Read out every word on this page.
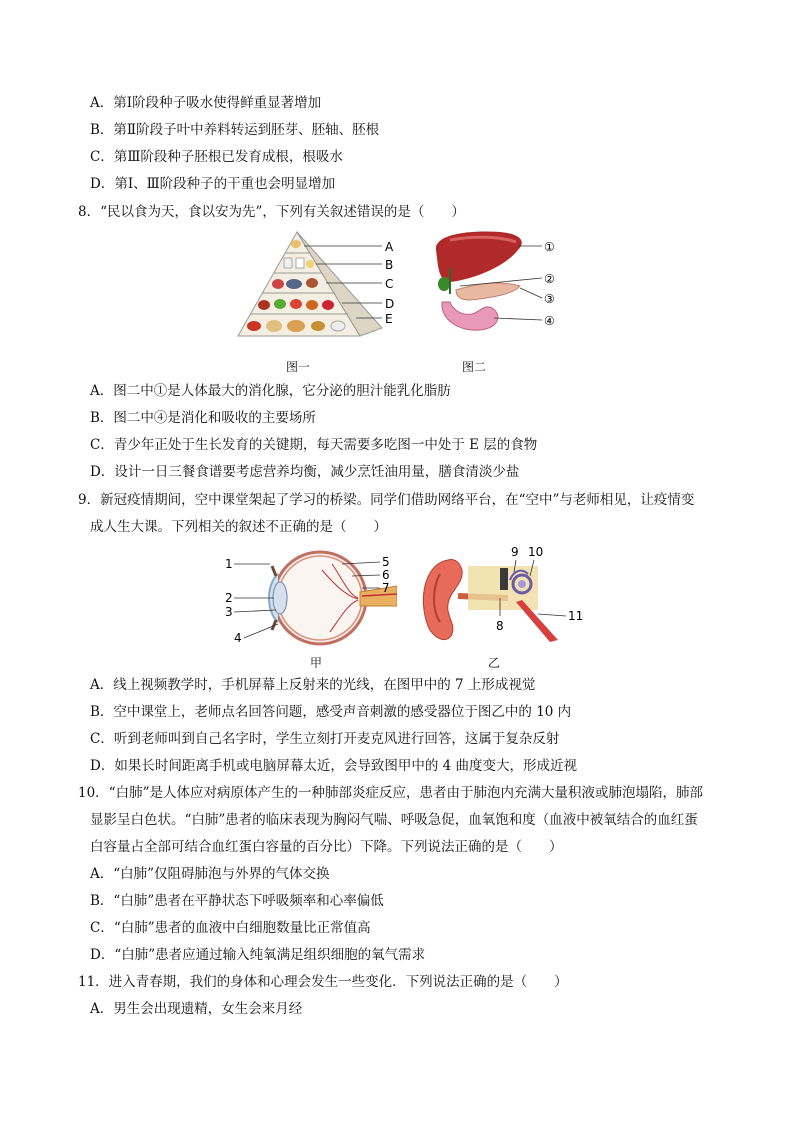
A．第Ⅰ阶段种子吸水使得鲜重显著增加
B．第Ⅱ阶段子叶中养料转运到胚芽、胚轴、胚根
C．第Ⅲ阶段种子胚根已发育成根，根吸水
D．第Ⅰ、Ⅲ阶段种子的干重也会明显增加
8．“民以食为天，食以安为先”，下列有关叙述错误的是（　　）
A
B
C
D
E
图一
①
②
③
④
图二
A．图二中①是人体最大的消化腺，它分泌的胆汁能乳化脂肪
B．图二中④是消化和吸收的主要场所
C．青少年正处于生长发育的关键期，每天需要多吃图一中处于 E 层的食物
D．设计一日三餐食谱要考虑营养均衡，减少烹饪油用量，膳食清淡少盐
9．新冠疫情期间，空中课堂架起了学习的桥梁。同学们借助网络平台，在“空中”与老师相见，让疫情变
成人生大课。下列相关的叙述不正确的是（　　）
1
2
3
4
5
6
7
甲
9 10
8
11
乙
A．线上视频教学时，手机屏幕上反射来的光线，在图甲中的 7 上形成视觉
B．空中课堂上，老师点名回答问题，感受声音刺激的感受器位于图乙中的 10 内
C．听到老师叫到自己名字时，学生立刻打开麦克风进行回答，这属于复杂反射
D．如果长时间距离手机或电脑屏幕太近，会导致图甲中的 4 曲度变大，形成近视
10．“白肺”是人体应对病原体产生的一种肺部炎症反应，患者由于肺泡内充满大量积液或肺泡塌陷，肺部
显影呈白色状。“白肺”患者的临床表现为胸闷气喘、呼吸急促，血氧饱和度（血液中被氧结合的血红蛋
白容量占全部可结合血红蛋白容量的百分比）下降。下列说法正确的是（　　）
A．“白肺”仅阻碍肺泡与外界的气体交换
B．“白肺”患者在平静状态下呼吸频率和心率偏低
C．“白肺”患者的血液中白细胞数量比正常值高
D．“白肺”患者应通过输入纯氧满足组织细胞的氧气需求
11．进入青春期，我们的身体和心理会发生一些变化．下列说法正确的是（　　）
A．男生会出现遗精，女生会来月经
